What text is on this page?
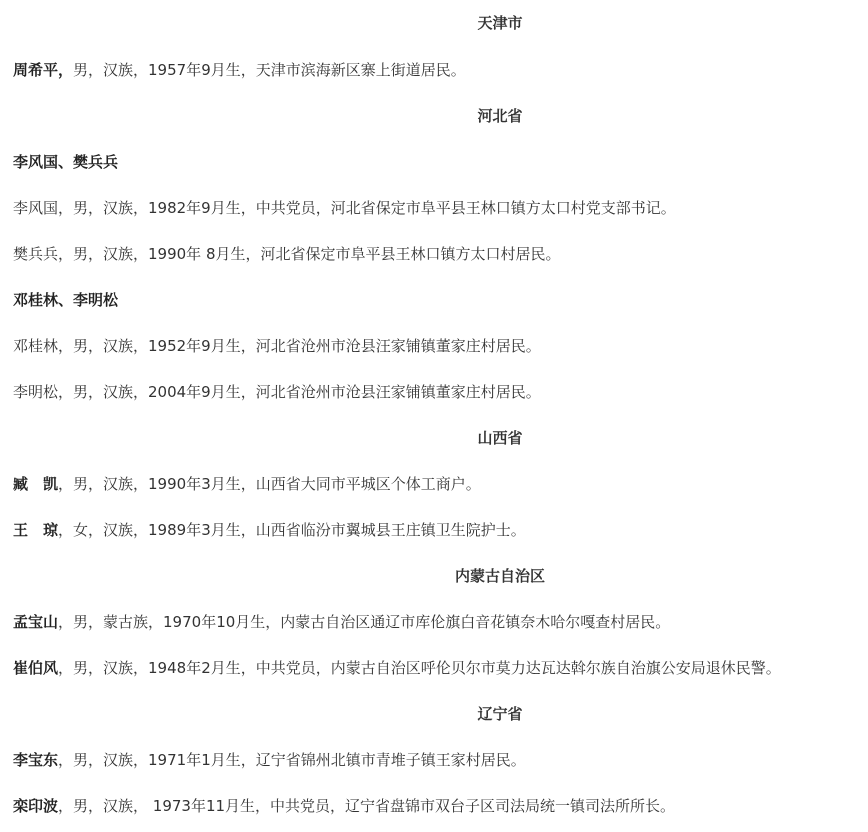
天津市
周希平，男，汉族，1957年9月生，天津市滨海新区寨上街道居民。
河北省
李风国、樊兵兵
李风国，男，汉族，1982年9月生，中共党员，河北省保定市阜平县王林口镇方太口村党支部书记。
樊兵兵，男，汉族，1990年 8月生，河北省保定市阜平县王林口镇方太口村居民。
邓桂林、李明松
邓桂林，男，汉族，1952年9月生，河北省沧州市沧县汪家铺镇董家庄村居民。
李明松，男，汉族，2004年9月生，河北省沧州市沧县汪家铺镇董家庄村居民。
山西省
臧　凯，男，汉族，1990年3月生，山西省大同市平城区个体工商户。
王　琼，女，汉族，1989年3月生，山西省临汾市翼城县王庄镇卫生院护士。
内蒙古自治区
孟宝山，男，蒙古族，1970年10月生，内蒙古自治区通辽市库伦旗白音花镇奈木哈尔嘎查村居民。
崔伯风，男，汉族，1948年2月生，中共党员，内蒙古自治区呼伦贝尔市莫力达瓦达斡尔族自治旗公安局退休民警。
辽宁省
李宝东，男，汉族，1971年1月生，辽宁省锦州北镇市青堆子镇王家村居民。
栾印波，男，汉族， 1973年11月生，中共党员，辽宁省盘锦市双台子区司法局统一镇司法所所长。
